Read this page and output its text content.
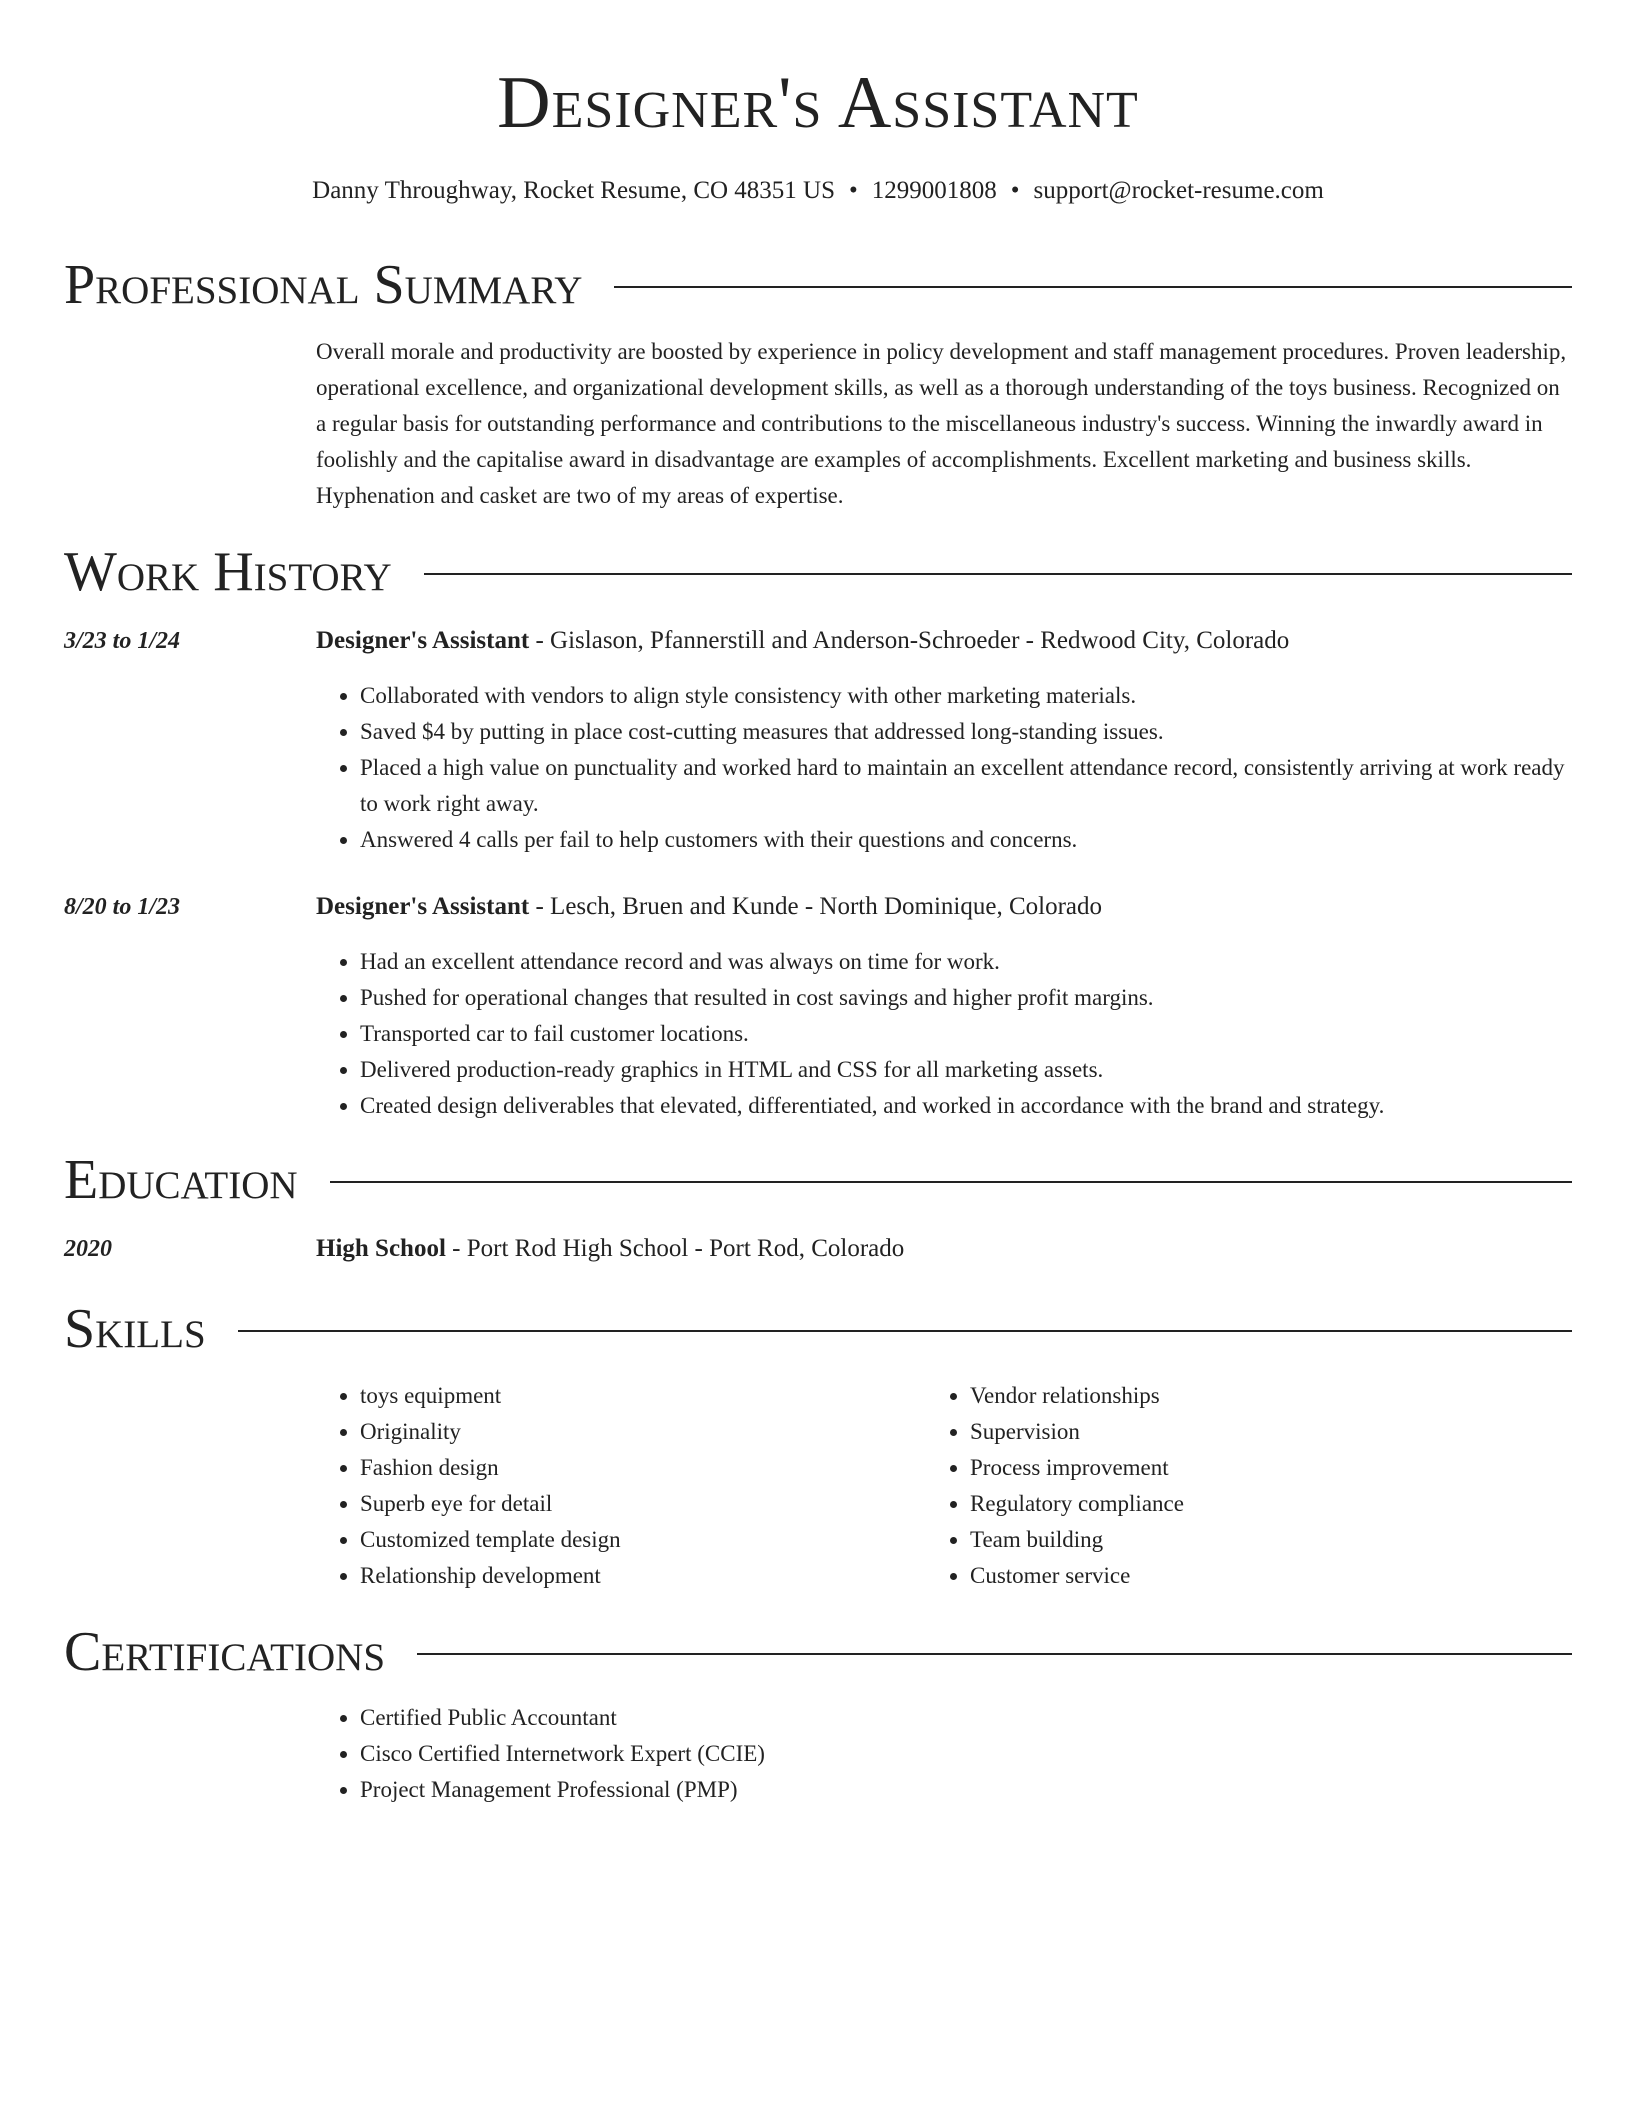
Designer's Assistant
Danny Throughway, Rocket Resume, CO 48351 US • 1299001808 • support@rocket-resume.com
Professional Summary

Overall morale and productivity are boosted by experience in policy development and staff management procedures. Proven leadership, operational excellence, and organizational development skills, as well as a thorough understanding of the toys business. Recognized on a regular basis for outstanding performance and contributions to the miscellaneous industry's success. Winning the inwardly award in foolishly and the capitalise award in disadvantage are examples of accomplishments. Excellent marketing and business skills. Hyphenation and casket are two of my areas of expertise.

Work History
3/23 to 1/24	Designer's Assistant - Gislason, Pfannerstill and Anderson-Schroeder - Redwood City, Colorado
• Collaborated with vendors to align style consistency with other marketing materials.
• Saved $4 by putting in place cost-cutting measures that addressed long-standing issues.
• Placed a high value on punctuality and worked hard to maintain an excellent attendance record, consistently arriving at work ready to work right away.
• Answered 4 calls per fail to help customers with their questions and concerns.
8/20 to 1/23	Designer's Assistant - Lesch, Bruen and Kunde - North Dominique, Colorado
• Had an excellent attendance record and was always on time for work.
• Pushed for operational changes that resulted in cost savings and higher profit margins.
• Transported car to fail customer locations.
• Delivered production-ready graphics in HTML and CSS for all marketing assets.
• Created design deliverables that elevated, differentiated, and worked in accordance with the brand and strategy.
Education
2020	High School - Port Rod High School - Port Rod, Colorado
Skills
• toys equipment
• Originality
• Fashion design
• Superb eye for detail
• Customized template design
• Relationship development
• Vendor relationships
• Supervision
• Process improvement
• Regulatory compliance
• Team building
• Customer service
Certifications
• Certified Public Accountant
• Cisco Certified Internetwork Expert (CCIE)
• Project Management Professional (PMP)
